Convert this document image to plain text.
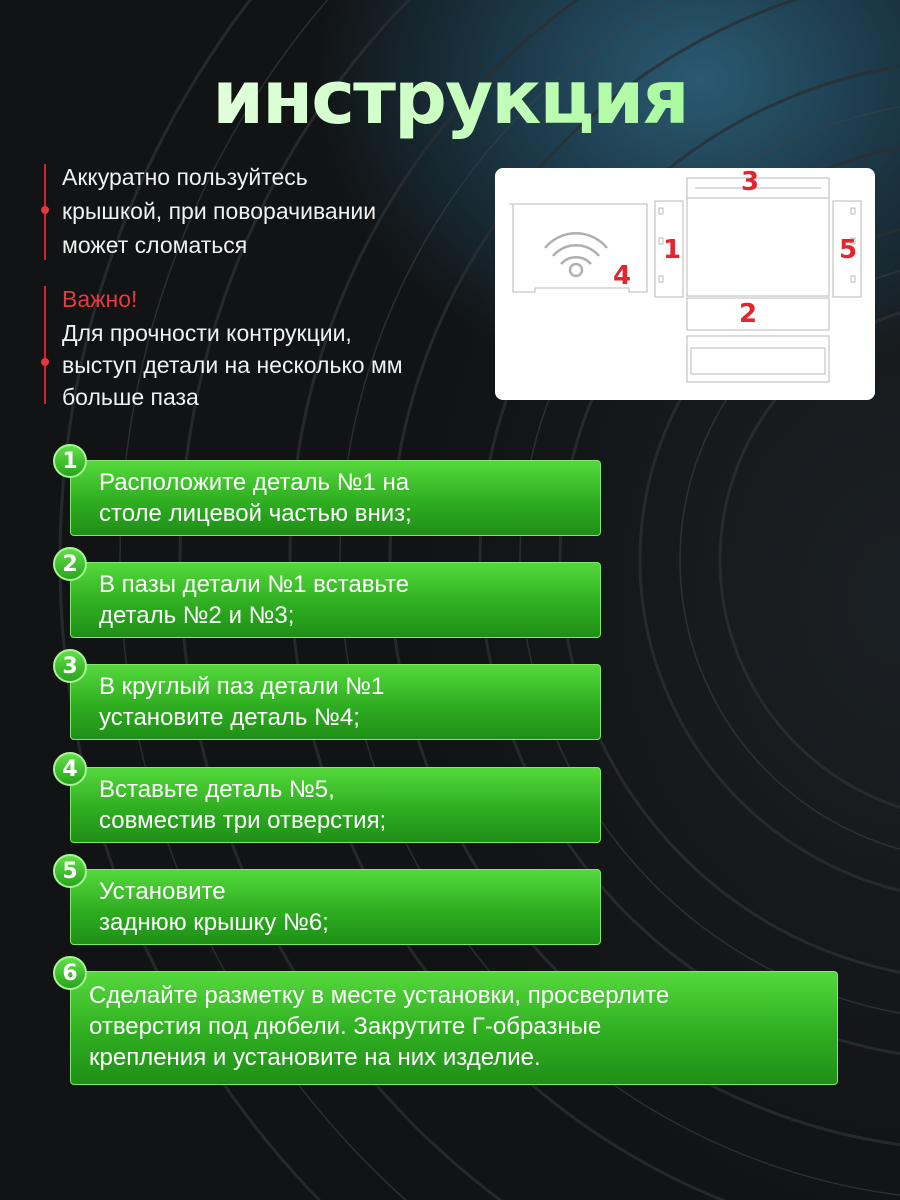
инструкция
Аккуратно пользуйтесь
крышкой, при поворачивании
может сломаться
Важно!
Для прочности контрукции,
выступ детали на несколько мм
больше паза
3
4
1	5
2
Расположите деталь №1 на
столе лицевой частью вниз;
1
В пазы детали №1 вставьте
деталь №2 и №3;
2
В круглый паз детали №1
установите деталь №4;
3
Вставьте деталь №5,
совместив три отверстия;
4
Установите
заднюю крышку №6;
5
Сделайте разметку в месте установки, просверлите
отверстия под дюбели. Закрутите Г-образные
крепления и установите на них изделие.
6
